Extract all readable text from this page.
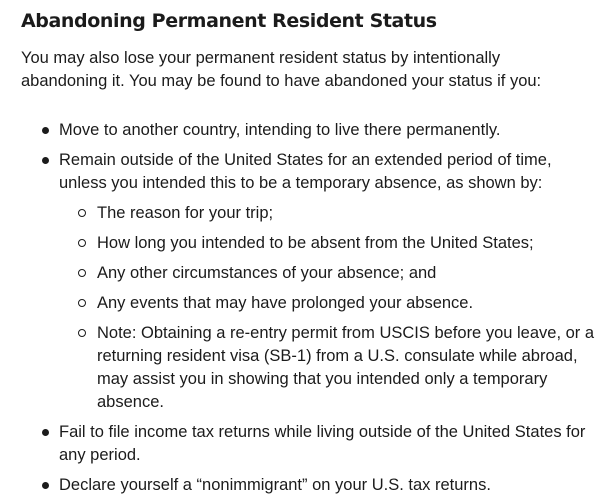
Abandoning Permanent Resident Status

You may also lose your permanent resident status by intentionally abandoning it. You may be found to have abandoned your status if you:

Move to another country, intending to live there permanently.
Remain outside of the United States for an extended period of time, unless you intended this to be a temporary absence, as shown by:
The reason for your trip;
How long you intended to be absent from the United States;
Any other circumstances of your absence; and
Any events that may have prolonged your absence.
Note: Obtaining a re-entry permit from USCIS before you leave, or a returning resident visa (SB-1) from a U.S. consulate while abroad, may assist you in showing that you intended only a temporary absence.
Fail to file income tax returns while living outside of the United States for any period.
Declare yourself a “nonimmigrant” on your U.S. tax returns.
